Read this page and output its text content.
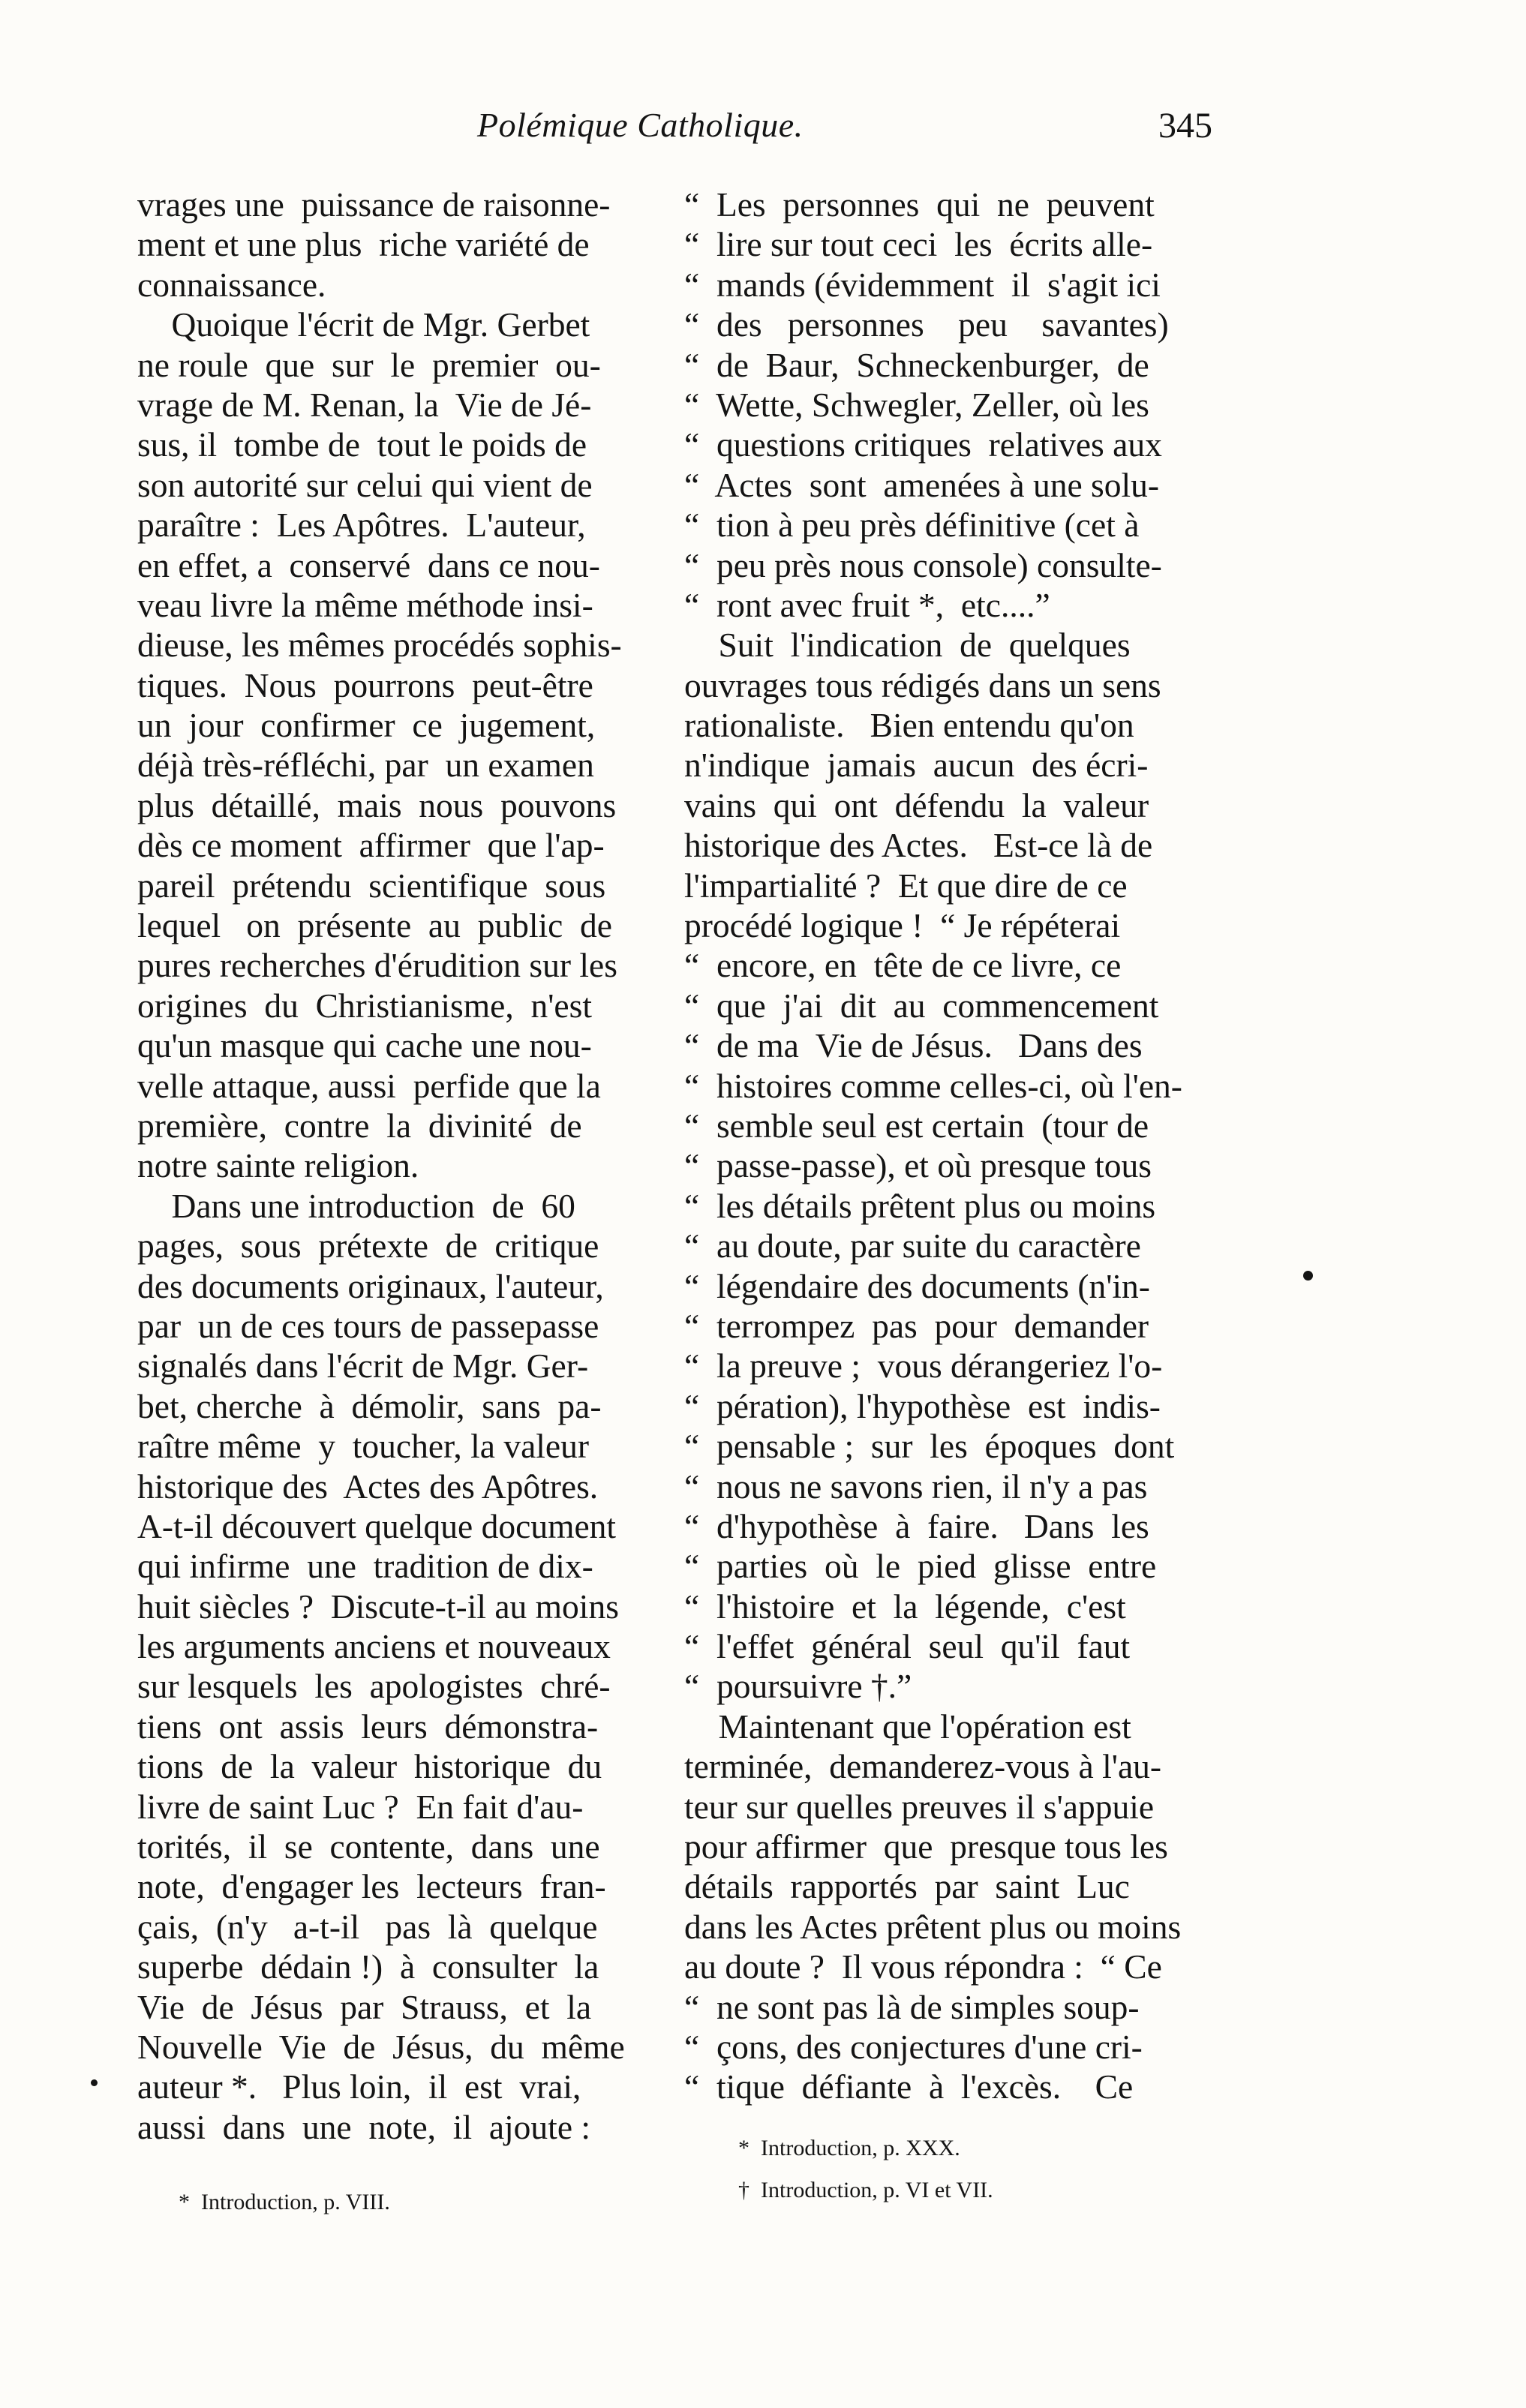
Polémique Catholique.	345
vrages une  puissance de raisonne-
ment et une plus  riche variété de
connaissance.
Quoique l'écrit de Mgr. Gerbet
ne roule  que  sur  le  premier  ou-
vrage de M. Renan, la  Vie de Jé-
sus, il  tombe de  tout le poids de
son autorité sur celui qui vient de
paraître :  Les Apôtres.  L'auteur,
en effet, a  conservé  dans ce nou-
veau livre la même méthode insi-
dieuse, les mêmes procédés sophis-
tiques.  Nous  pourrons  peut-être
un  jour  confirmer  ce  jugement,
déjà très-réfléchi, par  un examen
plus  détaillé,  mais  nous  pouvons
dès ce moment  affirmer  que l'ap-
pareil  prétendu  scientifique  sous
lequel   on  présente  au  public  de
pures recherches d'érudition sur les
origines  du  Christianisme,  n'est
qu'un masque qui cache une nou-
velle attaque, aussi  perfide que la
première,  contre  la  divinité  de
notre sainte religion.
Dans une introduction  de  60
pages,  sous  prétexte  de  critique
des documents originaux, l'auteur,
par  un de ces tours de passepasse
signalés dans l'écrit de Mgr. Ger-
bet, cherche  à  démolir,  sans  pa-
raître même  y  toucher, la valeur
historique des  Actes des Apôtres.
A-t-il découvert quelque document
qui infirme  une  tradition de dix-
huit siècles ?  Discute-t-il au moins
les arguments anciens et nouveaux
sur lesquels  les  apologistes  chré-
tiens  ont  assis  leurs  démonstra-
tions  de  la  valeur  historique  du
livre de saint Luc ?  En fait d'au-
torités,  il  se  contente,  dans  une
note,  d'engager les  lecteurs  fran-
çais,  (n'y   a-t-il   pas  là  quelque
superbe  dédain !)  à  consulter  la
Vie  de  Jésus  par  Strauss,  et  la
Nouvelle  Vie  de  Jésus,  du  même
auteur *.   Plus loin,  il  est  vrai,
aussi  dans  une  note,  il  ajoute :
“  Les  personnes  qui  ne  peuvent
“  lire sur tout ceci  les  écrits alle-
“  mands (évidemment  il  s'agit ici
“  des   personnes    peu    savantes)
“  de  Baur,  Schneckenburger,  de
“  Wette, Schwegler, Zeller, où les
“  questions critiques  relatives aux
“  Actes  sont  amenées à une solu-
“  tion à peu près définitive (cet à
“  peu près nous console) consulte-
“  ront avec fruit *,  etc....”
Suit  l'indication  de  quelques
ouvrages tous rédigés dans un sens
rationaliste.   Bien entendu qu'on
n'indique  jamais  aucun  des écri-
vains  qui  ont  défendu  la  valeur
historique des Actes.   Est-ce là de
l'impartialité ?  Et que dire de ce
procédé logique !  “ Je répéterai
“  encore, en  tête de ce livre, ce
“  que  j'ai  dit  au  commencement
“  de ma  Vie de Jésus.   Dans des
“  histoires comme celles-ci, où l'en-
“  semble seul est certain  (tour de
“  passe-passe), et où presque tous
“  les détails prêtent plus ou moins
“  au doute, par suite du caractère
“  légendaire des documents (n'in-
“  terrompez  pas  pour  demander
“  la preuve ;  vous dérangeriez l'o-
“  pération), l'hypothèse  est  indis-
“  pensable ;  sur  les  époques  dont
“  nous ne savons rien, il n'y a pas
“  d'hypothèse  à  faire.   Dans  les
“  parties  où  le  pied  glisse  entre
“  l'histoire  et  la  légende,  c'est
“  l'effet  général  seul  qu'il  faut
“  poursuivre †.”
Maintenant que l'opération est
terminée,  demanderez-vous à l'au-
teur sur quelles preuves il s'appuie
pour affirmer  que  presque tous les
détails  rapportés  par  saint  Luc
dans les Actes prêtent plus ou moins
au doute ?  Il vous répondra :  “ Ce
“  ne sont pas là de simples soup-
“  çons, des conjectures d'une cri-
“  tique  défiante  à  l'excès.    Ce
*  Introduction, p. VIII.
*  Introduction, p. XXX.
†  Introduction, p. VI et VII.
